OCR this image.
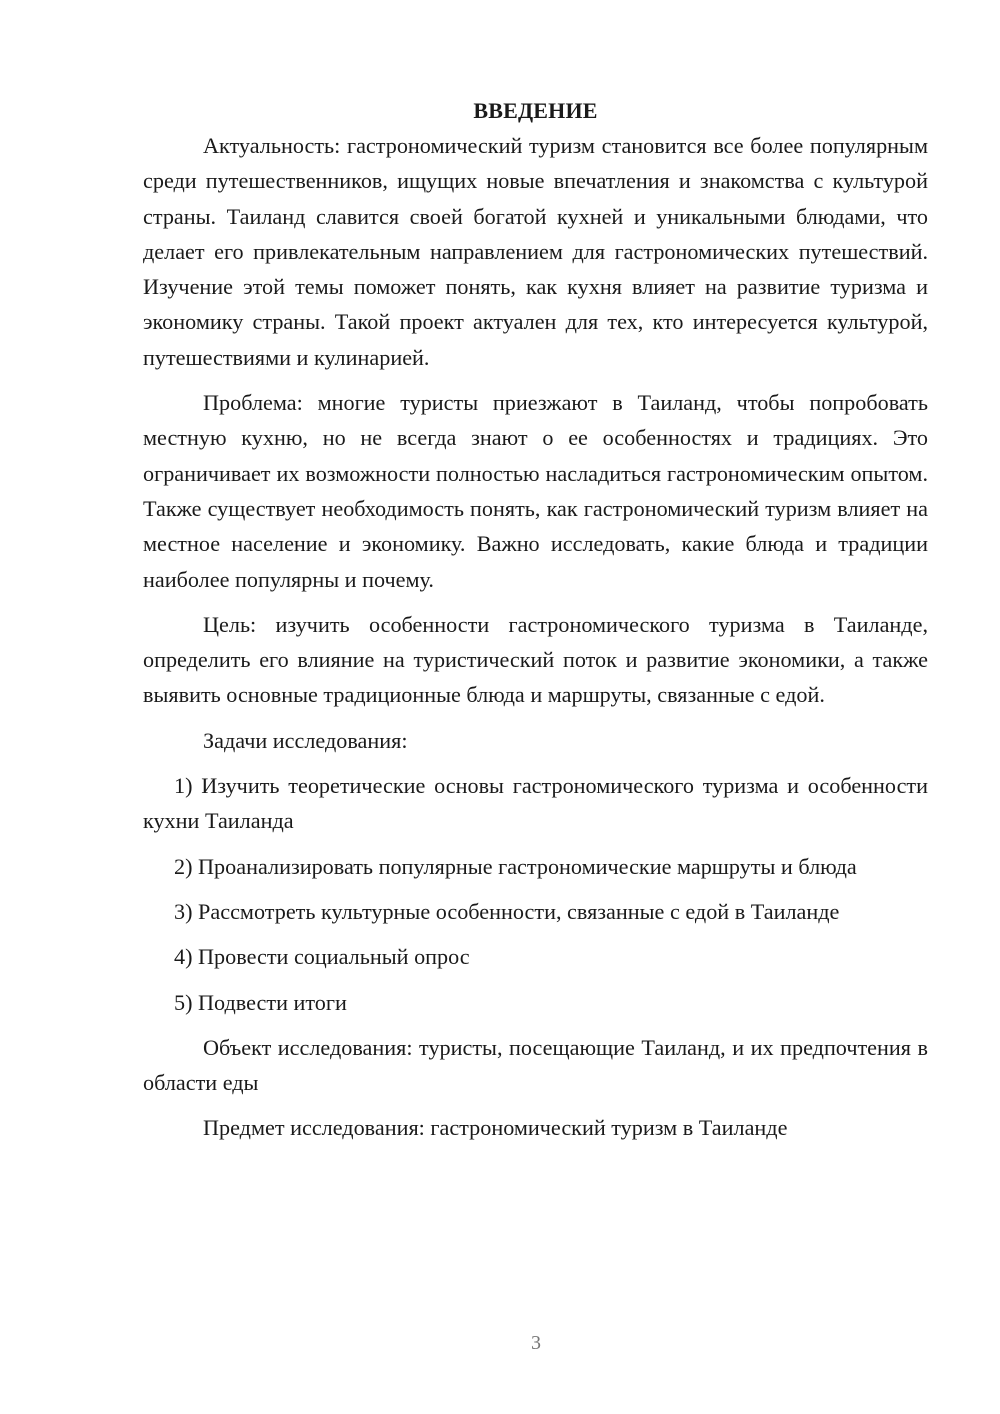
ВВЕДЕНИЕ

Актуальность: гастрономический туризм становится все более популярным среди путешественников, ищущих новые впечатления и знакомства с культурой страны. Таиланд славится своей богатой кухней и уникальными блюдами, что делает его привлекательным направлением для гастрономических путешествий. Изучение этой темы поможет понять, как кухня влияет на развитие туризма и экономику страны. Такой проект актуален для тех, кто интересуется культурой, путешествиями и кулинарией.

Проблема: многие туристы приезжают в Таиланд, чтобы попробовать местную кухню, но не всегда знают о ее особенностях и традициях. Это ограничивает их возможности полностью насладиться гастрономическим опытом. Также существует необходимость понять, как гастрономический туризм влияет на местное население и экономику. Важно исследовать, какие блюда и традиции наиболее популярны и почему.

Цель: изучить особенности гастрономического туризма в Таиланде, определить его влияние на туристический поток и развитие экономики, а также выявить основные традиционные блюда и маршруты, связанные с едой.

Задачи исследования:

1) Изучить теоретические основы гастрономического туризма и особенности кухни Таиланда

2) Проанализировать популярные гастрономические маршруты и блюда

3) Рассмотреть культурные особенности, связанные с едой в Таиланде

4) Провести социальный опрос

5) Подвести итоги

Объект исследования: туристы, посещающие Таиланд, и их предпочтения в области еды

Предмет исследования: гастрономический туризм в Таиланде

3
